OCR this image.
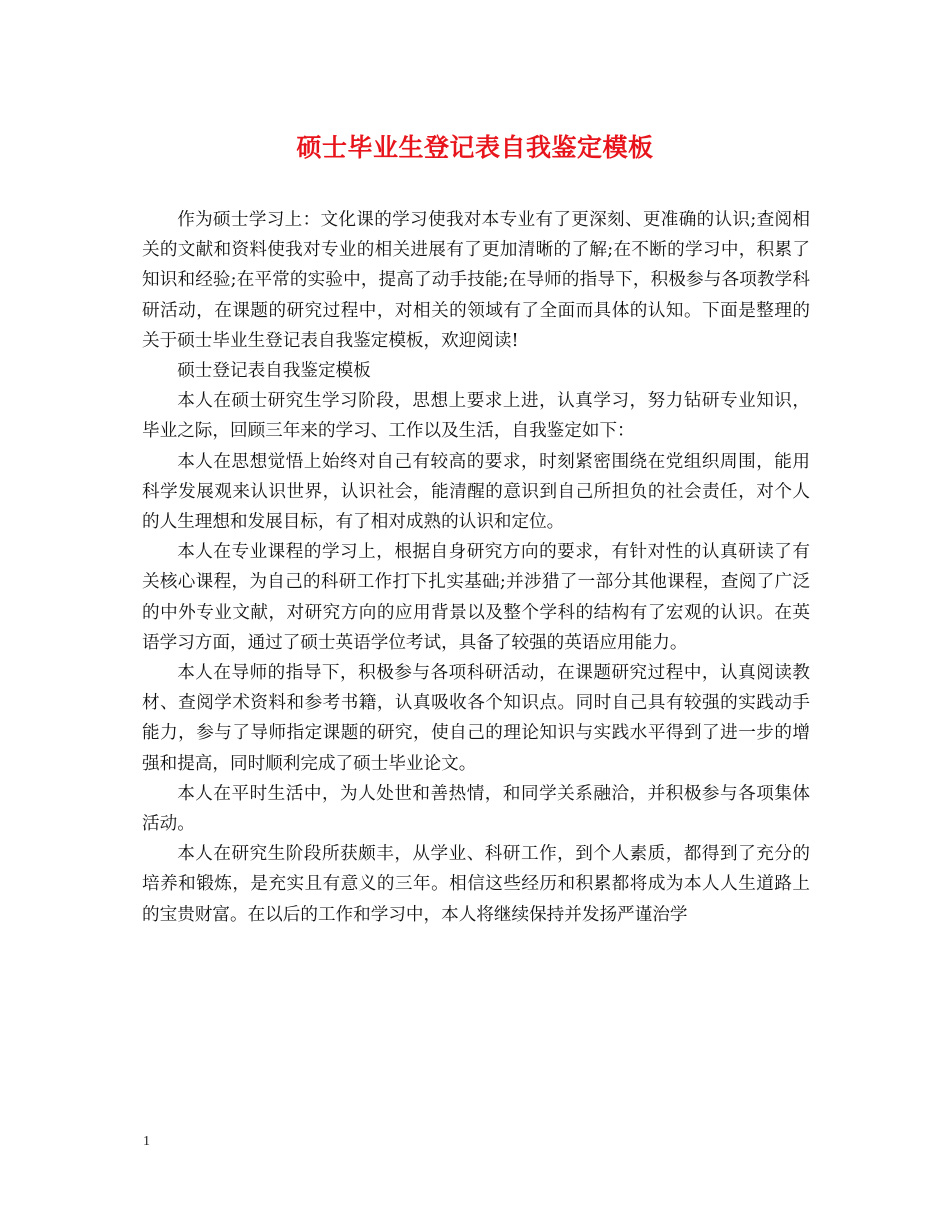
硕士毕业生登记表自我鉴定模板

作为硕士学习上：文化课的学习使我对本专业有了更深刻、更准确的认识;查阅相关的文献和资料使我对专业的相关进展有了更加清晰的了解;在不断的学习中，积累了知识和经验;在平常的实验中，提高了动手技能;在导师的指导下，积极参与各项教学科研活动，在课题的研究过程中，对相关的领域有了全面而具体的认知。下面是整理的关于硕士毕业生登记表自我鉴定模板，欢迎阅读!

硕士登记表自我鉴定模板

本人在硕士研究生学习阶段，思想上要求上进，认真学习，努力钻研专业知识，毕业之际，回顾三年来的学习、工作以及生活，自我鉴定如下：

本人在思想觉悟上始终对自己有较高的要求，时刻紧密围绕在党组织周围，能用科学发展观来认识世界，认识社会，能清醒的意识到自己所担负的社会责任，对个人的人生理想和发展目标，有了相对成熟的认识和定位。

本人在专业课程的学习上，根据自身研究方向的要求，有针对性的认真研读了有关核心课程，为自己的科研工作打下扎实基础;并涉猎了一部分其他课程，查阅了广泛的中外专业文献，对研究方向的应用背景以及整个学科的结构有了宏观的认识。在英语学习方面，通过了硕士英语学位考试，具备了较强的英语应用能力。

本人在导师的指导下，积极参与各项科研活动，在课题研究过程中，认真阅读教材、查阅学术资料和参考书籍，认真吸收各个知识点。同时自己具有较强的实践动手能力，参与了导师指定课题的研究，使自己的理论知识与实践水平得到了进一步的增强和提高，同时顺利完成了硕士毕业论文。

本人在平时生活中，为人处世和善热情，和同学关系融洽，并积极参与各项集体活动。

本人在研究生阶段所获颇丰，从学业、科研工作，到个人素质，都得到了充分的培养和锻炼，是充实且有意义的三年。相信这些经历和积累都将成为本人人生道路上的宝贵财富。在以后的工作和学习中，本人将继续保持并发扬严谨治学

1
